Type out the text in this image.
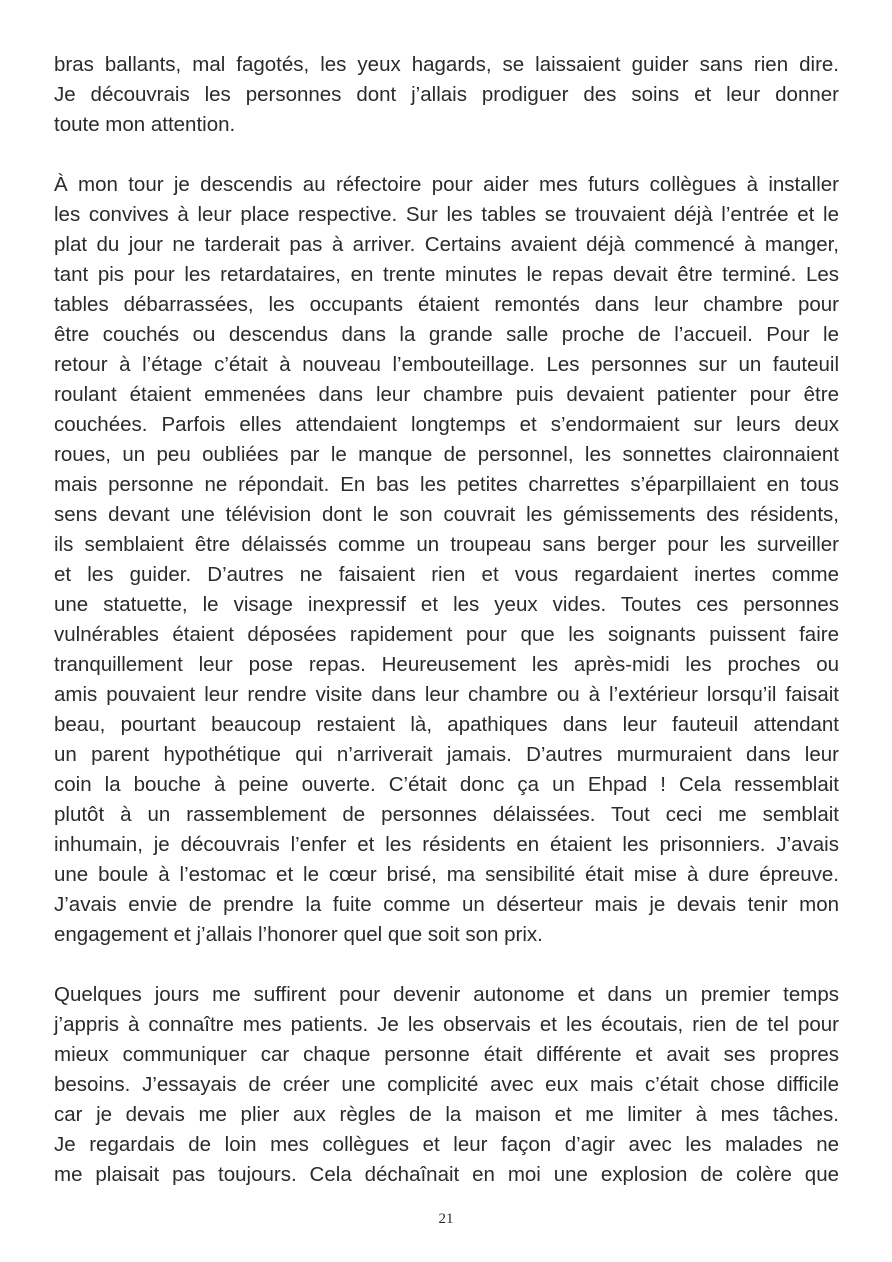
bras ballants, mal fagotés, les yeux hagards, se laissaient guider sans rien dire.
Je découvrais les personnes dont j’allais prodiguer des soins et leur donner
toute mon attention.
À mon tour je descendis au réfectoire pour aider mes futurs collègues à installer
les convives à leur place respective. Sur les tables se trouvaient déjà l’entrée et le
plat du jour ne tarderait pas à arriver. Certains avaient déjà commencé à manger,
tant pis pour les retardataires, en trente minutes le repas devait être terminé. Les
tables débarrassées, les occupants étaient remontés dans leur chambre pour
être couchés ou descendus dans la grande salle proche de l’accueil. Pour le
retour à l’étage c’était à nouveau l’embouteillage. Les personnes sur un fauteuil
roulant étaient emmenées dans leur chambre puis devaient patienter pour être
couchées. Parfois elles attendaient longtemps et s’endormaient sur leurs deux
roues, un peu oubliées par le manque de personnel, les sonnettes claironnaient
mais personne ne répondait. En bas les petites charrettes s’éparpillaient en tous
sens devant une télévision dont le son couvrait les gémissements des résidents,
ils semblaient être délaissés comme un troupeau sans berger pour les surveiller
et les guider. D’autres ne faisaient rien et vous regardaient inertes comme
une statuette, le visage inexpressif et les yeux vides. Toutes ces personnes
vulnérables étaient déposées rapidement pour que les soignants puissent faire
tranquillement leur pose repas. Heureusement les après-midi les proches ou
amis pouvaient leur rendre visite dans leur chambre ou à l’extérieur lorsqu’il faisait
beau, pourtant beaucoup restaient là, apathiques dans leur fauteuil attendant
un parent hypothétique qui n’arriverait jamais. D’autres murmuraient dans leur
coin la bouche à peine ouverte. C’était donc ça un Ehpad ! Cela ressemblait
plutôt à un rassemblement de personnes délaissées. Tout ceci me semblait
inhumain, je découvrais l’enfer et les résidents en étaient les prisonniers. J’avais
une boule à l’estomac et le cœur brisé, ma sensibilité était mise à dure épreuve.
J’avais envie de prendre la fuite comme un déserteur mais je devais tenir mon
engagement et j’allais l’honorer quel que soit son prix.
Quelques jours me suffirent pour devenir autonome et dans un premier temps
j’appris à connaître mes patients. Je les observais et les écoutais, rien de tel pour
mieux communiquer car chaque personne était différente et avait ses propres
besoins. J’essayais de créer une complicité avec eux mais c’était chose difficile
car je devais me plier aux règles de la maison et me limiter à mes tâches.
Je regardais de loin mes collègues et leur façon d’agir avec les malades ne
me plaisait pas toujours. Cela déchaînait en moi une explosion de colère que
21
